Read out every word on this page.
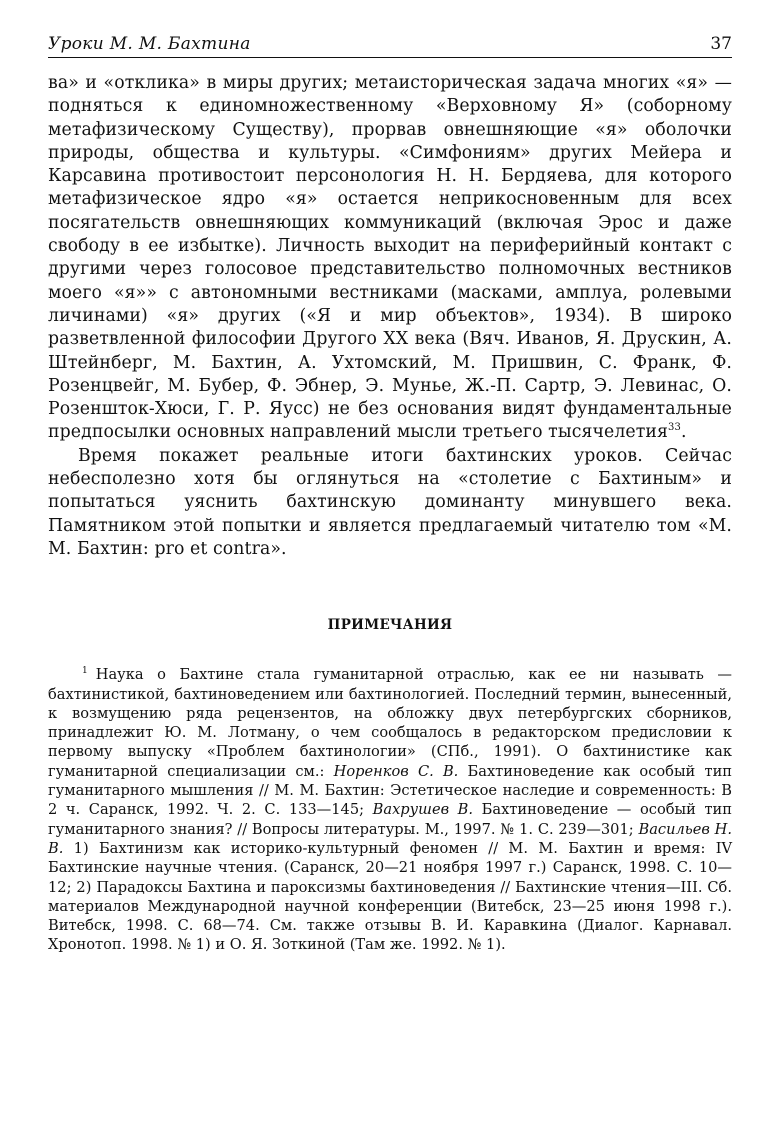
Уроки М. М. Бахтина	37

ва» и «отклика» в миры других; метаисторическая задача многих «я» — подняться к единомножественному «Верховному Я» (соборному метафизическому Существу), прорвав овнешняющие «я» оболочки природы, общества и культуры. «Симфониям» других Мейера и Карсавина противостоит персонология Н. Н. Бердяева, для которого метафизическое ядро «я» остается неприкосновенным для всех посягательств овнешняющих коммуникаций (включая Эрос и даже свободу в ее избытке). Личность выходит на периферийный контакт с другими через голосовое представительство полномочных вестников моего «я»» с автономными вестниками (масками, амплуа, ролевыми личинами) «я» других («Я и мир объектов», 1934). В широко разветвленной философии Другого XX века (Вяч. Иванов, Я. Друскин, А. Штейнберг, М. Бахтин, А. Ухтомский, М. Пришвин, С. Франк, Ф. Розенцвейг, М. Бубер, Ф. Эбнер, Э. Мунье, Ж.-П. Сартр, Э. Левинас, О. Розеншток-Хюси, Г. Р. Яусс) не без основания видят фундаментальные предпосылки основных направлений мысли третьего тысячелетия$^{33}$.

Время покажет реальные итоги бахтинских уроков. Сейчас небесполезно хотя бы оглянуться на «столетие с Бахтиным» и попытаться уяснить бахтинскую доминанту минувшего века. Памятником этой попытки и является предлагаемый читателю том «М. М. Бахтин: pro et contra».

ПРИМЕЧАНИЯ

$^1$ Наука о Бахтине стала гуманитарной отраслью, как ее ни называть — бахтинистикой, бахтиноведением или бахтинологией. Последний термин, вынесенный, к возмущению ряда рецензентов, на обложку двух петербургских сборников, принадлежит Ю. М. Лотману, о чем сообщалось в редакторском предисловии к первому выпуску «Проблем бахтинологии» (СПб., 1991). О бахтинистике как гуманитарной специализации см.: Норенков С. В. Бахтиноведение как особый тип гуманитарного мышления // М. М. Бахтин: Эстетическое наследие и современность: В 2 ч. Саранск, 1992. Ч. 2. С. 133—145; Вахрушев В. Бахтиноведение — особый тип гуманитарного знания? // Вопросы литературы. М., 1997. № 1. С. 239—301; Васильев Н. В. 1) Бахтинизм как историко-культурный феномен // М. М. Бахтин и время: IV Бахтинские научные чтения. (Саранск, 20—21 ноября 1997 г.) Саранск, 1998. С. 10—12; 2) Парадоксы Бахтина и пароксизмы бахтиноведения // Бахтинские чтения—III. Сб. материалов Международной научной конференции (Витебск, 23—25 июня 1998 г.). Витебск, 1998. С. 68—74. См. также отзывы В. И. Каравкина (Диалог. Карнавал. Хронотоп. 1998. № 1) и О. Я. Зоткиной (Там же. 1992. № 1).
